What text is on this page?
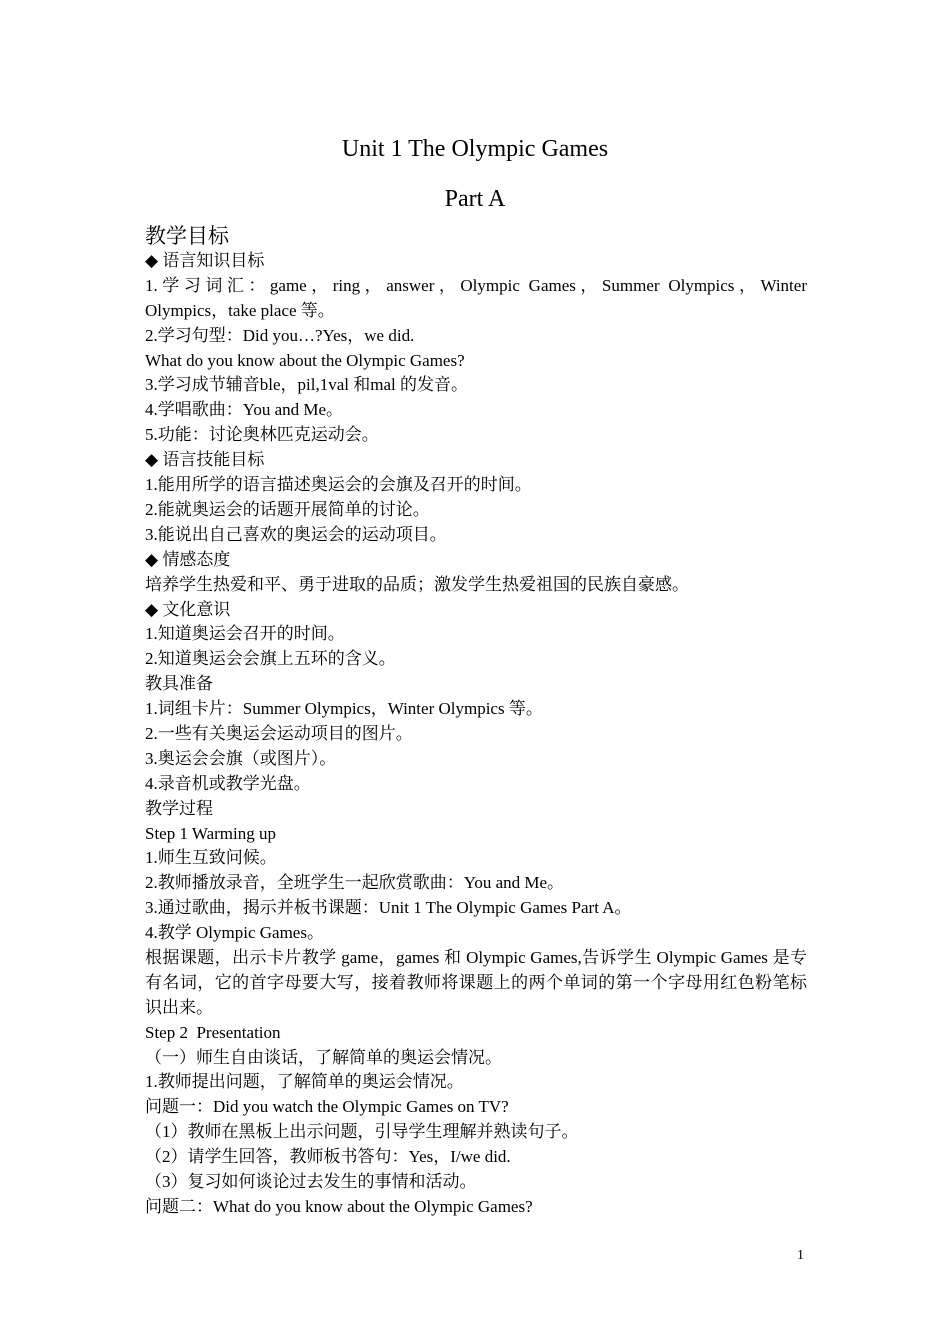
Unit 1 The Olympic Games
Part A
教学目标
◆ 语言知识目标
1.学习词汇：game，ring，answer，Olympic Games，Summer Olympics，Winter Olympics，take place 等。
2.学习句型：Did you…?Yes，we did.
What do you know about the Olympic Games?
3.学习成节辅音ble，pil,1val 和mal 的发音。
4.学唱歌曲：You and Me。
5.功能：讨论奥林匹克运动会。
◆ 语言技能目标
1.能用所学的语言描述奥运会的会旗及召开的时间。
2.能就奥运会的话题开展简单的讨论。
3.能说出自己喜欢的奥运会的运动项目。
◆ 情感态度
培养学生热爱和平、勇于进取的品质；激发学生热爱祖国的民族自豪感。
◆ 文化意识
1.知道奥运会召开的时间。
2.知道奥运会会旗上五环的含义。
教具准备
1.词组卡片：Summer Olympics，Winter Olympics 等。
2.一些有关奥运会运动项目的图片。
3.奥运会会旗（或图片）。
4.录音机或教学光盘。
教学过程
Step 1 Warming up
1.师生互致问候。
2.教师播放录音，全班学生一起欣赏歌曲：You and Me。
3.通过歌曲，揭示并板书课题：Unit 1 The Olympic Games Part A。
4.教学 Olympic Games。
根据课题，出示卡片教学 game，games 和 Olympic Games,告诉学生 Olympic Games 是专有名词，它的首字母要大写，接着教师将课题上的两个单词的第一个字母用红色粉笔标识出来。
Step 2  Presentation
（一）师生自由谈话，了解简单的奥运会情况。
1.教师提出问题，了解简单的奥运会情况。
问题一：Did you watch the Olympic Games on TV?
（1）教师在黑板上出示问题，引导学生理解并熟读句子。
（2）请学生回答，教师板书答句：Yes，I/we did.
（3）复习如何谈论过去发生的事情和活动。
问题二：What do you know about the Olympic Games?
1
